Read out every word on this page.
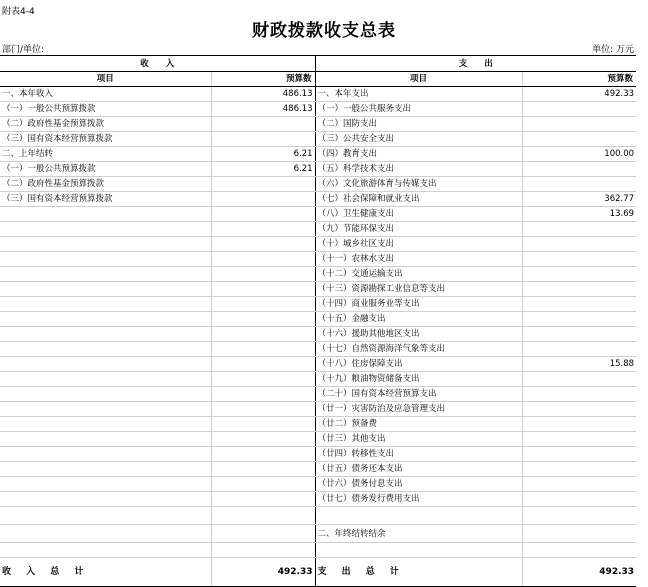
附表4-4
财政拨款收支总表
部门/单位:	单位: 万元
收　　入		支　　出	
项目	预算数	项目	预算数
一、本年收入	486.13	一、本年支出	492.33
（一）一般公共预算拨款	486.13	（一）一般公共服务支出	
（二）政府性基金预算拨款		（二）国防支出	
（三）国有资本经营预算拨款		（三）公共安全支出	
二、上年结转	6.21	（四）教育支出	100.00
（一）一般公共预算拨款	6.21	（五）科学技术支出	
（二）政府性基金预算拨款		（六）文化旅游体育与传媒支出	
（三）国有资本经营预算拨款		（七）社会保障和就业支出	362.77
		（八）卫生健康支出	13.69
		（九）节能环保支出	
		（十）城乡社区支出	
		（十一）农林水支出	
		（十二）交通运输支出	
		（十三）资源勘探工业信息等支出	
		（十四）商业服务业等支出	
		（十五）金融支出	
		（十六）援助其他地区支出	
		（十七）自然资源海洋气象等支出	
		（十八）住房保障支出	15.88
		（十九）粮油物资储备支出	
		（二十）国有资本经营预算支出	
		（廿一）灾害防治及应急管理支出	
		（廿二）预备费	
		（廿三）其他支出	
		（廿四）转移性支出	
		（廿五）债务还本支出	
		（廿六）债务付息支出	
		（廿七）债务发行费用支出	

		二、年终结转结余	

收 入 总 计	492.33	支 出 总 计	492.33
